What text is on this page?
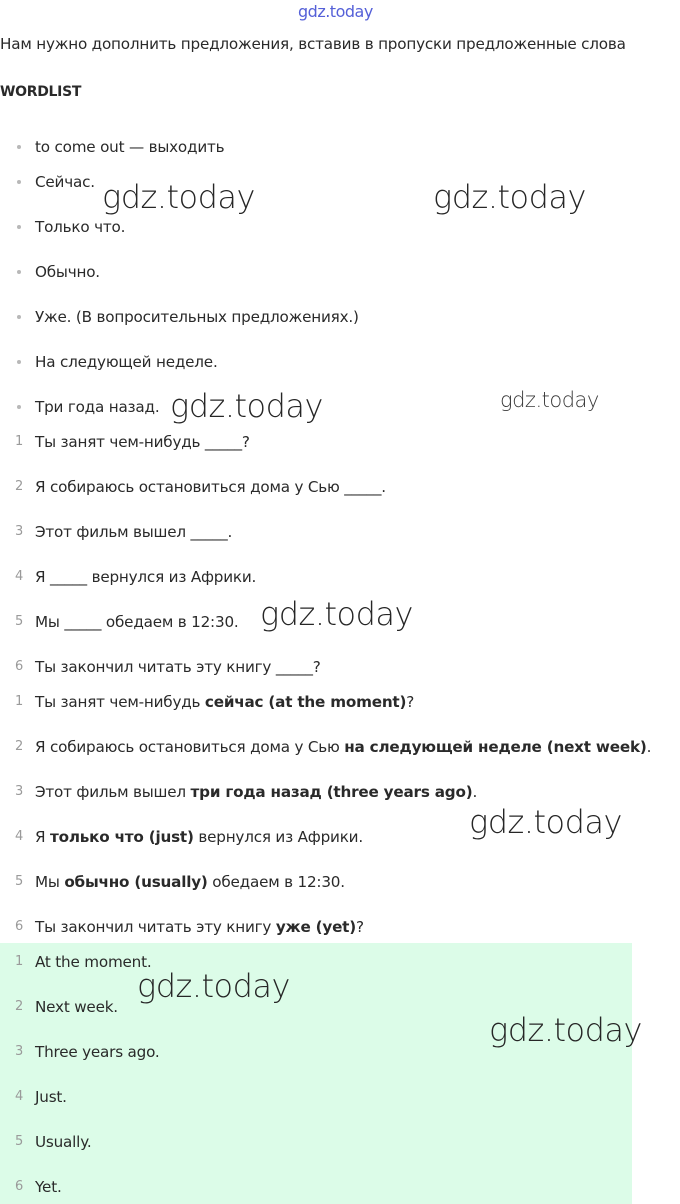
gdz.today
Нам нужно дополнить предложения, вставив в пропуски предложенные слова
WORDLIST
to come out — выходить
Сейчас.
Только что.
Обычно.
Уже. (В вопросительных предложениях.)
На следующей неделе.
Три года назад.
1 Ты занят чем-нибудь _____?
2 Я собираюсь остановиться дома у Сью _____.
3 Этот фильм вышел _____.
4 Я _____ вернулся из Африки.
5 Мы _____ обедаем в 12:30.
6 Ты закончил читать эту книгу _____?
1 Ты занят чем-нибудь сейчас (at the moment)?
2 Я собираюсь остановиться дома у Сью на следующей неделе (next week).
3 Этот фильм вышел три года назад (three years ago).
4 Я только что (just) вернулся из Африки.
5 Мы обычно (usually) обедаем в 12:30.
6 Ты закончил читать эту книгу уже (yet)?
1 At the moment.
2 Next week.
3 Three years ago.
4 Just.
5 Usually.
6 Yet.
gdz.today	gdz.today
gdz.today	gdz.today
gdz.today
gdz.today
gdz.today
gdz.today
